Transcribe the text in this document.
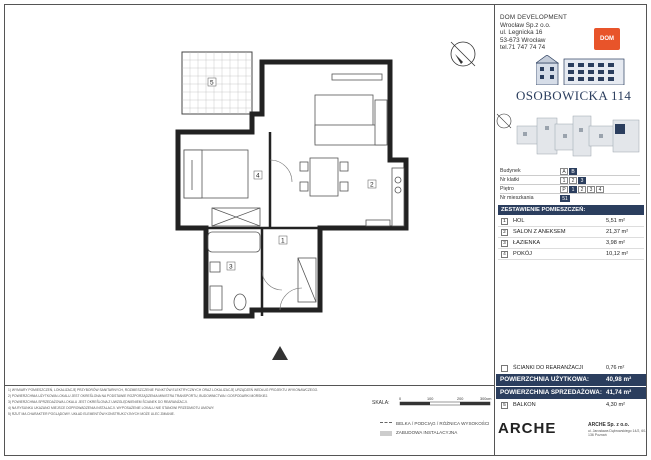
DOM DEVELOPMENT
Wrocław Sp.z o.o.
ul. Legnicka 16
53-673 Wrocław
tel.71 747 74 74
DOM
OSOBOWICKA 114
Budynek	A	B
Nr klatki	1	2	3
Piętro	P	1	2	3	4
Nr mieszkania	51
ZESTAWIENIE POMIESZCZEŃ:
1	HOL	5,51 m²
2	SALON Z ANEKSEM	21,37 m²
3	ŁAZIENKA	3,98 m²
4	POKÓJ	10,12 m²
ŚCIANKI DO REARANŻACJI	0,76 m²
POWIERZCHNIA UŻYTKOWA:	40,98 m²
POWIERZCHNIA SPRZEDAŻOWA: 41,74 m²
5	BALKON	4,30 m²
1
2
3
4
5

1) WYMIARY POMIESZCZEŃ, LOKALIZACJĘ PRZYBORÓW SANITARNYCH, ROZMIESZCZENIE PUNKTÓW ELEKTRYCZNYCH ORAZ LOKALIZACJĘ URZĄDZEŃ WEDŁUG PROJEKTU WYKONAWCZEGO.

2) POWIERZCHNIA UŻYTKOWA LOKALU JEST OKREŚLONA NA PODSTAWIE ROZPORZĄDZENIA MINISTRA TRANSPORTU, BUDOWNICTWA I GOSPODARKI MORSKIEJ.

3) POWIERZCHNIA SPRZEDAŻOWA LOKALU JEST OKREŚLONA Z UWZGLĘDNIENIEM ŚCIANEK DO REARANŻACJI.

4) NA RYSUNKU UKAZANO MIEJSCE DOPROWADZENIA INSTALACJI. WYPOSAŻENIE LOKALU NIE STANOWI PRZEDMIOTU UMOWY.

5) RZUT MA CHARAKTER POGLĄDOWY. UKŁAD ELEMENTÓW KONSTRUKCYJNYCH MOŻE ULEC ZMIANIE.

SKALA:
0	100	200	300cm
BELKA / PODCIĄG / RÓŻNICA WYSOKOŚCI
ZABUDOWA INSTALACYJNA	ARCHE	ARCHE Sp. z o.o.
ul. Jarosława Dąbrowskiego 14/2, 60-136 Poznań
